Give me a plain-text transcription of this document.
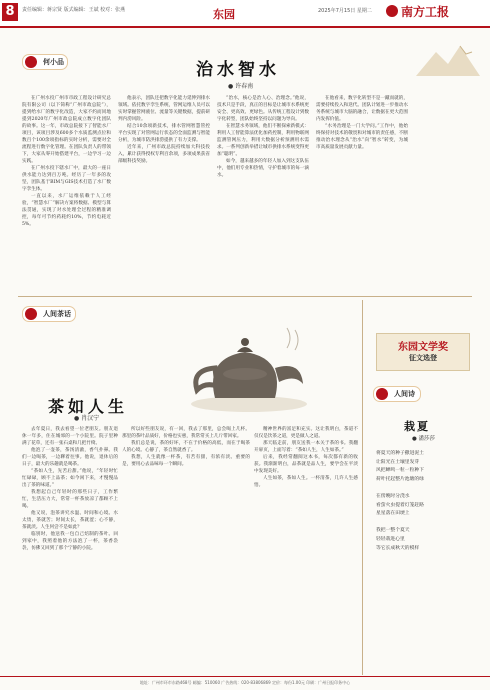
8	责任编辑：蒋宗贤 版式编辑：王斌 校对：张燕	东园	2025年7月15日 星期二	南方工报
何小品	治水智水
● 许春南

在广州水投广州市市政工程设计研究总院有限公司（以下简称“广州市政总院”），提到给水厂的数字化改造，大家不约而同地提到2020年广州市政总院成立数字化团队的故事。这一年，市政总院接下了智能水厂项目，该项目涉及600多个水质监测点位和数百个100余项指标的实时分析，需要对全流程进行数字化管理。在团队负责人的带领下，大家从零开始搭建平台，一边学习一边实践。

在广州水投下辖水厂中，最大的一座日供水能力达到百万吨。经历了一年多的攻坚，团队基于BIM与GIS技术打造了水厂数字孪生体。

一直以来，水厂运维依赖于人工经验，“智慧水厂”解决方案将数据、模型与算法贯通，实现了对水处理全过程的精准调控，每年可节约药耗约10%，节约电耗近5%。

他表示，团队还把数字化能力延伸到排水领域。依托数字孪生系统，管网运维人员可以实时掌握管网液位、流量等关键数据，提前研判内涝风险。

结合10余项新技术，排水管网智慧管控平台实现了对管网运行状态的全面监测与智能分析，为城市防洪排涝提供了有力支撑。

近年来，广州市政总院持续加大科技投入，累计获得授权专利百余项，多项成果获省部级科技奖励。

“治水，核心是治人心、治理念。”他说，技术只是手段，真正的目标是让城市水系统更安全、更高效、更绿色。从传统工程设计到数字化转型，团队始终坚持以问题为导向。

在智慧水务领域，他们不断探索新模式：利用人工智能算法优化加药控制，利用物联网监测管网压力，利用大数据分析预测用水需求。一系列创新举措让城市供排水系统变得更加“聪明”。

如今，越来越多的年轻人加入到这支队伍中，他们用专业和热情，守护着城市的每一滴水。

在他看来，数字化转型不是一蹴而就的，需要持续投入和迭代。团队计划进一步推动水务系统与城市大脑的融合，让数据在更大范围内发挥价值。

“水务治理是一门大学问。”工作中，他始终保持对技术的敬畏和对城市的责任感，不断推动治水理念从“治水”向“智水”转变，为城市高质量发展贡献力量。

人间茶话
茶如人生
● 肖汉宁

去年夏日，我去看望一位老朋友。朋友退休一年多，住在城郊的一个小院里。院子里种满了花草，还有一张石桌和几把竹椅。

他泡了一壶茶，茶汤清澈，香气扑鼻。我们一边喝茶，一边聊着往事。他说，退休后的日子，最大的乐趣就是喝茶。

“茶如人生，先苦后甜。”他说，“年轻时忙忙碌碌，顾不上品茶；如今闲下来，才慢慢品出了茶的味道。”

我想起自己年轻时的那些日子，工作繁忙，生活压力大，常常一杯茶放凉了都顾不上喝。

他又说，泡茶讲究水温、时间和心境。水太烫，茶就苦；时间太长，茶就涩；心不静，茶就淡。人生何尝不是如此？

临别时，他送我一包自己焙制的茶叶。回到家中，我照着他的方法泡了一杯，茶香袅袅，仿佛又回到了那个宁静的小院。

所以好些朋友说，有一回，我去了那里，总会喝上几杯。那里的茶叶品质好，价格也实惠，我常常买上几斤带回家。

我们总是说，茶的好坏，不在于价格的高低，而在于喝茶人的心境。心静了，茶自然就香了。

我想，人生就像一杯茶，有苦有甜，有浓有淡。重要的是，要用心去品味每一个瞬间。

精神世界的富足和充实。这让我明白，茶道不仅仅是饮茶之道，更是做人之道。

那天临走前，朋友送我一本关于茶的书。我翻开扉页，上面写着：“茶如人生，人生如茶。”

后来，我经常翻阅这本书，每次都有新的收获。我渐渐明白，品茶就是品人生，要学会在平淡中发现美好。

人生如茶，茶如人生。一杯清茶，几许人生感悟。

东园文学奖
征文选登
人间诗
栽夏
● 潘莎莎
将夏天的种子撒进泥土
让阳光在土壤里发芽
风把蝉鸣一粒一粒种下
荷叶托起整片池塘的绿

在傍晚时分浇水
看萤火虫提着灯笼赶路
星星落在田埂上

我把一整个夏天
轻轻栽进心里
等它长成秋天的模样
地址：广州市环市东路468号 邮编：510060 广告热线：020-83806869 定价：每份1.00元 印刷：广州日报印务中心
